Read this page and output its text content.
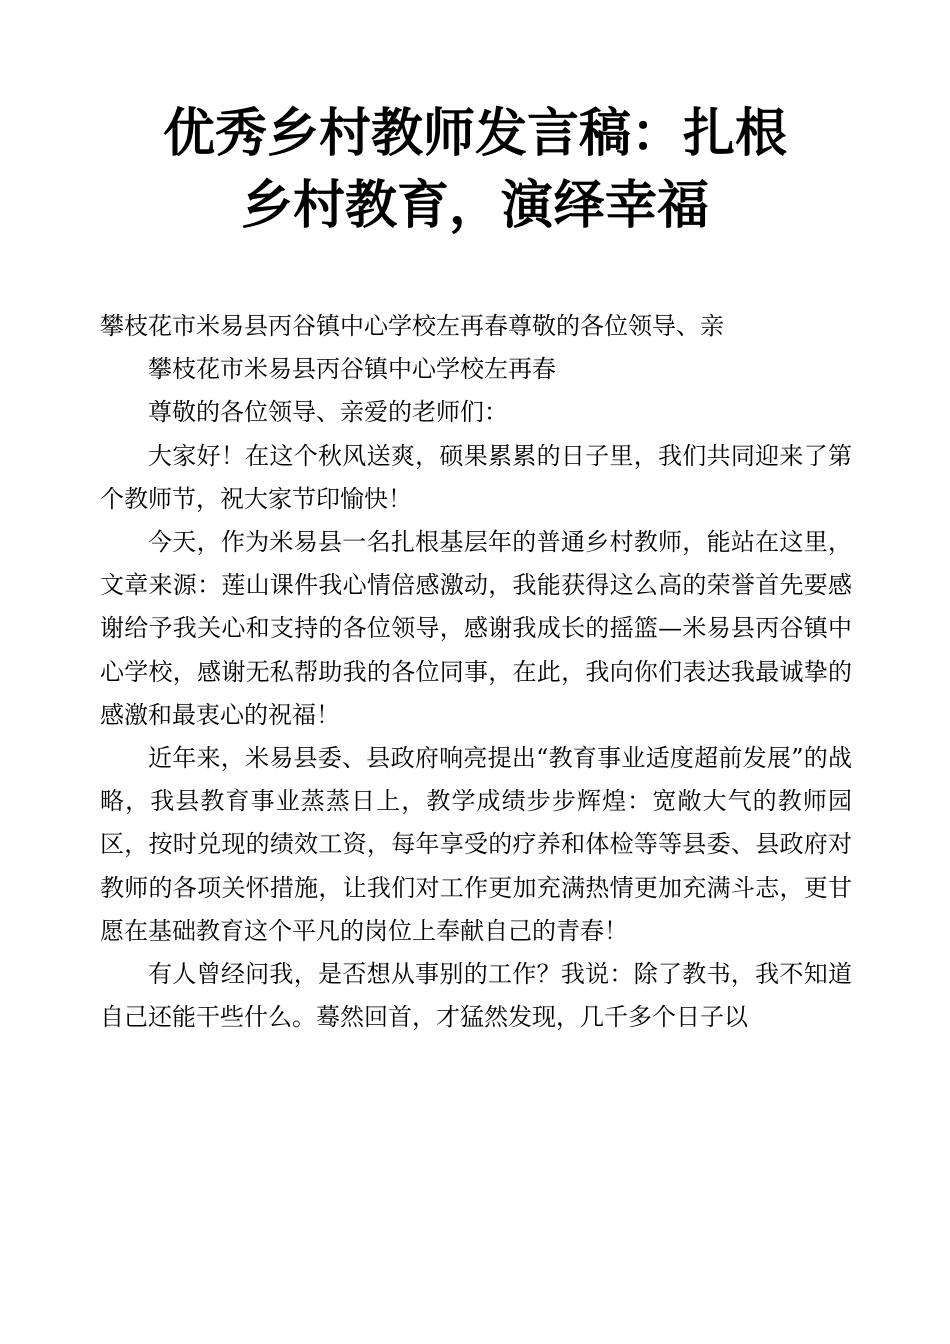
优秀乡村教师发言稿：扎根
乡村教育，演绎幸福

攀枝花市米易县丙谷镇中心学校左再春尊敬的各位领导、亲

攀枝花市米易县丙谷镇中心学校左再春

尊敬的各位领导、亲爱的老师们：

大家好！在这个秋风送爽，硕果累累的日子里，我们共同迎来了第个教师节，祝大家节印愉快！

今天，作为米易县一名扎根基层年的普通乡村教师，能站在这里，文章来源：莲山课件我心情倍感激动，我能获得这么高的荣誉首先要感谢给予我关心和支持的各位领导，感谢我成长的摇篮—米易县丙谷镇中心学校，感谢无私帮助我的各位同事，在此，我向你们表达我最诚挚的感激和最衷心的祝福！

近年来，米易县委、县政府响亮提出“教育事业适度超前发展”的战略，我县教育事业蒸蒸日上，教学成绩步步辉煌：宽敞大气的教师园区，按时兑现的绩效工资，每年享受的疗养和体检等等县委、县政府对教师的各项关怀措施，让我们对工作更加充满热情更加充满斗志，更甘愿在基础教育这个平凡的岗位上奉献自己的青春！

有人曾经问我，是否想从事别的工作？我说：除了教书，我不知道自己还能干些什么。蓦然回首，才猛然发现，几千多个日子以
